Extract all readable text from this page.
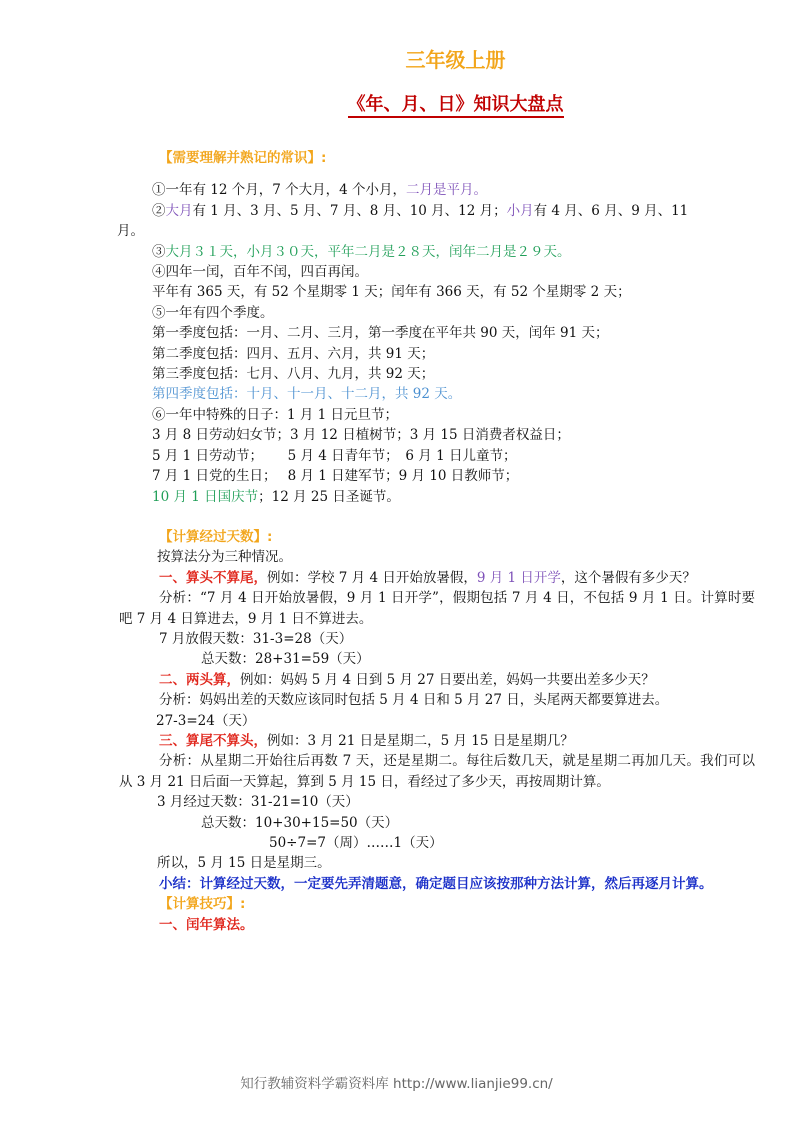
三年级上册
《年、月、日》知识大盘点
【需要理解并熟记的常识】:
①一年有 12 个月，7 个大月，4 个小月，二月是平月。
②大月有 1 月、3 月、5 月、7 月、8 月、10 月、12 月；小月有 4 月、6 月、9 月、11
月。
③大月３１天，小月３０天，平年二月是２８天，闰年二月是２９天。
④四年一闰，百年不闰，四百再闰。
平年有 365 天，有 52 个星期零 1 天；闰年有 366 天，有 52 个星期零 2 天；
⑤一年有四个季度。
第一季度包括：一月、二月、三月，第一季度在平年共 90 天，闰年 91 天；
第二季度包括：四月、五月、六月，共 91 天；
第三季度包括：七月、八月、九月，共 92 天；
第四季度包括：十月、十一月、十二月，共 92 天。
⑥一年中特殊的日子：1 月 1 日元旦节；
3 月 8 日劳动妇女节；3 月 12 日植树节；3 月 15 日消费者权益日；
5 月 1 日劳动节；　　 5 月 4 日青年节；　6 月 1 日儿童节；
7 月 1 日党的生日；　 8 月 1 日建军节；9 月 10 日教师节；
10 月 1 日国庆节；12 月 25 日圣诞节。
【计算经过天数】:
按算法分为三种情况。
一、算头不算尾，例如：学校 7 月 4 日开始放暑假，9 月 1 日开学，这个暑假有多少天？
分析：“7 月 4 日开始放暑假，9 月 1 日开学”，假期包括 7 月 4 日，不包括 9 月 1 日。计算时要吧 7 月 4 日算进去，9 月 1 日不算进去。
7 月放假天数：31-3=28（天）
总天数：28+31=59（天）
二、两头算，例如：妈妈 5 月 4 日到 5 月 27 日要出差，妈妈一共要出差多少天？
分析：妈妈出差的天数应该同时包括 5 月 4 日和 5 月 27 日，头尾两天都要算进去。
27-3=24（天）
三、算尾不算头，例如：3 月 21 日是星期二，5 月 15 日是星期几？
分析：从星期二开始往后再数 7 天，还是星期二。每往后数几天，就是星期二再加几天。我们可以从 3 月 21 日后面一天算起，算到 5 月 15 日，看经过了多少天，再按周期计算。
3 月经过天数：31-21=10（天）
总天数：10+30+15=50（天）
50÷7=7（周）……1（天）
所以，5 月 15 日是星期三。
小结：计算经过天数，一定要先弄清题意，确定题目应该按那种方法计算，然后再逐月计算。
【计算技巧】:
一、闰年算法。
知行教辅资料学霸资料库 http://www.lianjie99.cn/
